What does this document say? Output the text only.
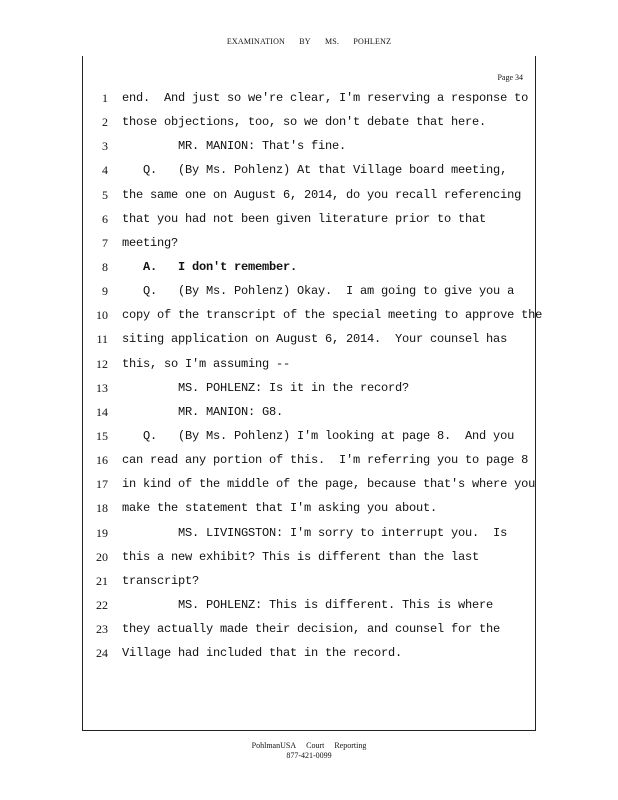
EXAMINATION BY MS. POHLENZ
Page 34
1
2
3
4
5
6
7
8
9
10
11
12
13
14
15
16
17
18
19
20
21
22
23
24
end.  And just so we're clear, I'm reserving a response to
those objections, too, so we don't debate that here.
MR. MANION: That's fine.
Q.   (By Ms. Pohlenz) At that Village board meeting,
the same one on August 6, 2014, do you recall referencing
that you had not been given literature prior to that
meeting?
A.   I don't remember.
Q.   (By Ms. Pohlenz) Okay.  I am going to give you a
copy of the transcript of the special meeting to approve the
siting application on August 6, 2014.  Your counsel has
this, so I'm assuming --
MS. POHLENZ: Is it in the record?
MR. MANION: G8.
Q.   (By Ms. Pohlenz) I'm looking at page 8.  And you
can read any portion of this.  I'm referring you to page 8
in kind of the middle of the page, because that's where you
make the statement that I'm asking you about.
MS. LIVINGSTON: I'm sorry to interrupt you.  Is
this a new exhibit? This is different than the last
transcript?
MS. POHLENZ: This is different. This is where
they actually made their decision, and counsel for the
Village had included that in the record.
PohlmanUSA Court Reporting
877-421-0099
